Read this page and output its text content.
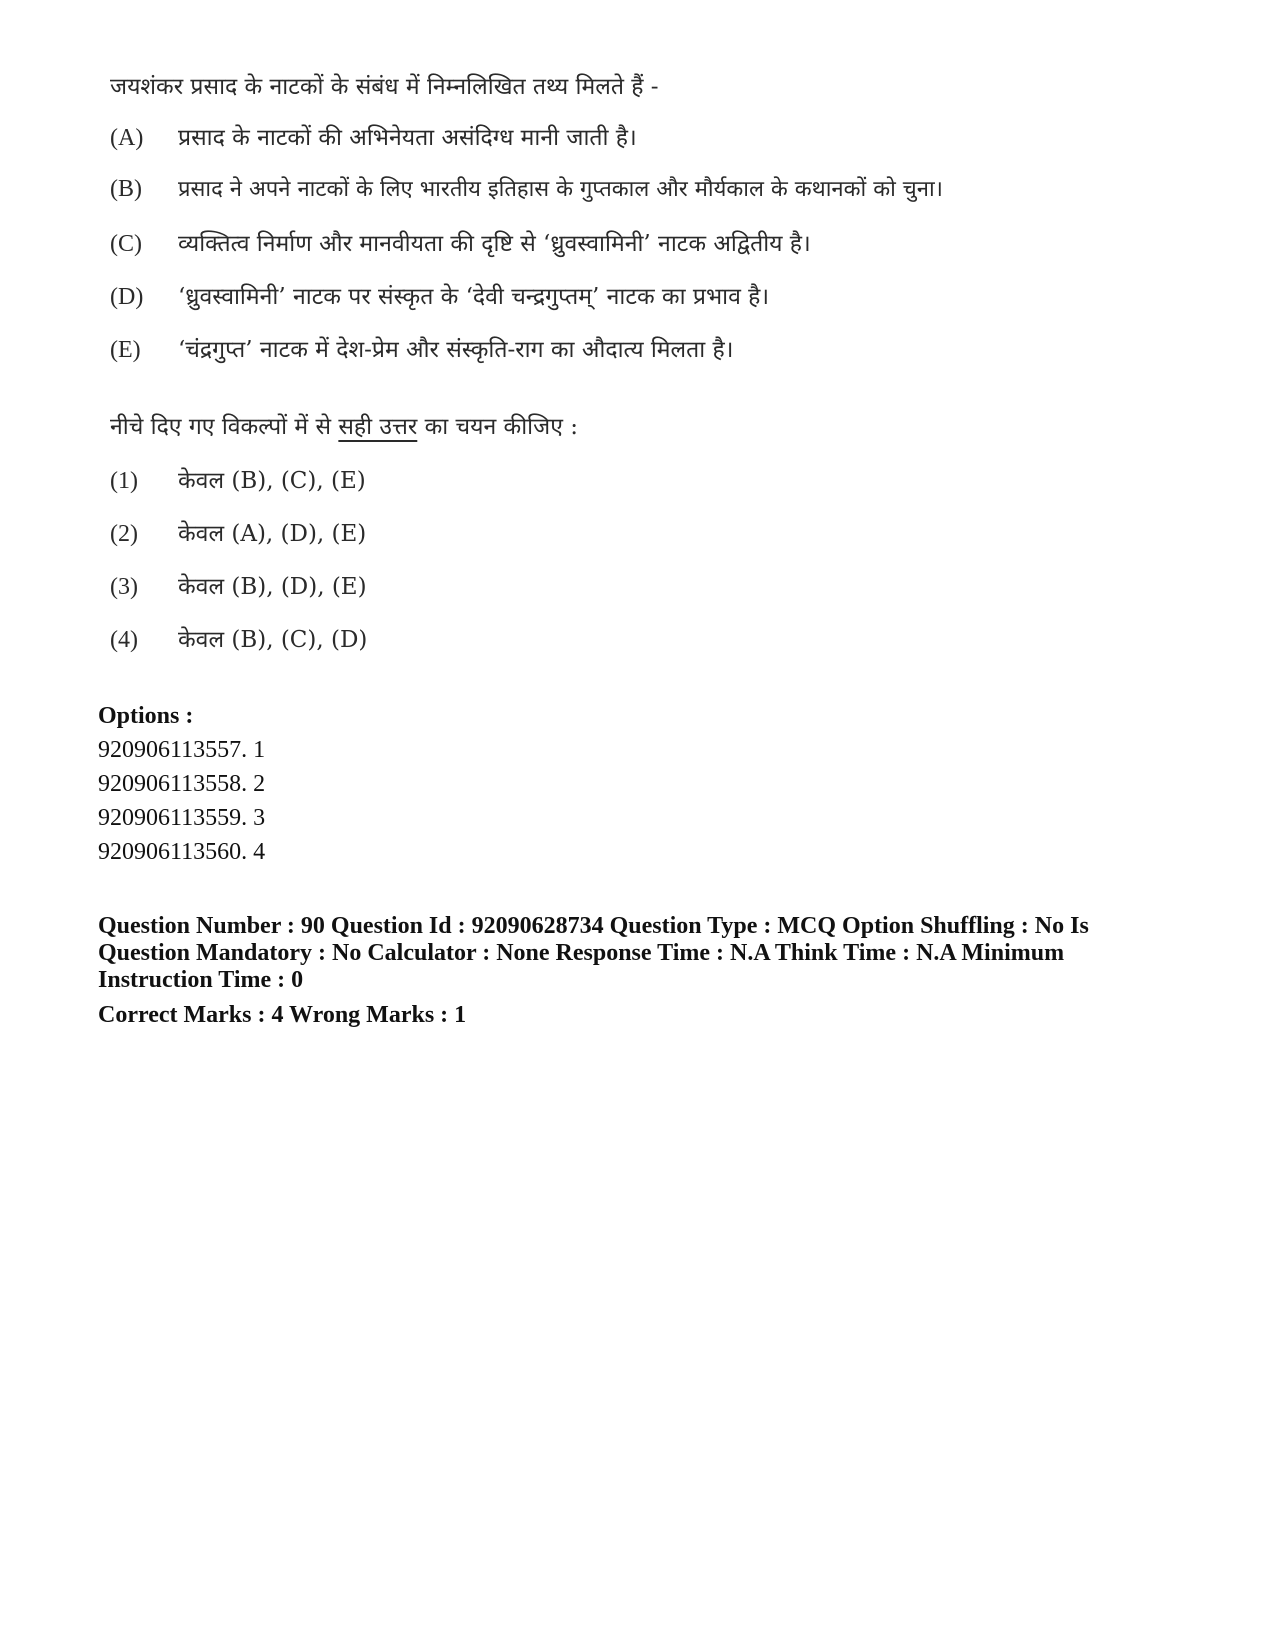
जयशंकर प्रसाद के नाटकों के संबंध में निम्नलिखित तथ्य मिलते हैं -
(A)	प्रसाद के नाटकों की अभिनेयता असंदिग्ध मानी जाती है।
(B)	प्रसाद ने अपने नाटकों के लिए भारतीय इतिहास के गुप्तकाल और मौर्यकाल के कथानकों को चुना।
(C)	व्यक्तित्व निर्माण और मानवीयता की दृष्टि से ‘ध्रुवस्वामिनी’ नाटक अद्वितीय है।
(D)	‘ध्रुवस्वामिनी’ नाटक पर संस्कृत के ‘देवी चन्द्रगुप्तम्’ नाटक का प्रभाव है।
(E)	‘चंद्रगुप्त’ नाटक में देश-प्रेम और संस्कृति-राग का औदात्य मिलता है।
नीचे दिए गए विकल्पों में से सही उत्तर का चयन कीजिए :
(1)	केवल (B), (C), (E)
(2)	केवल (A), (D), (E)
(3)	केवल (B), (D), (E)
(4)	केवल (B), (C), (D)
Options :
920906113557. 1
920906113558. 2
920906113559. 3
920906113560. 4
Question Number : 90 Question Id : 92090628734 Question Type : MCQ Option Shuffling : No Is
Question Mandatory : No Calculator : None Response Time : N.A Think Time : N.A Minimum
Instruction Time : 0
Correct Marks : 4 Wrong Marks : 1
